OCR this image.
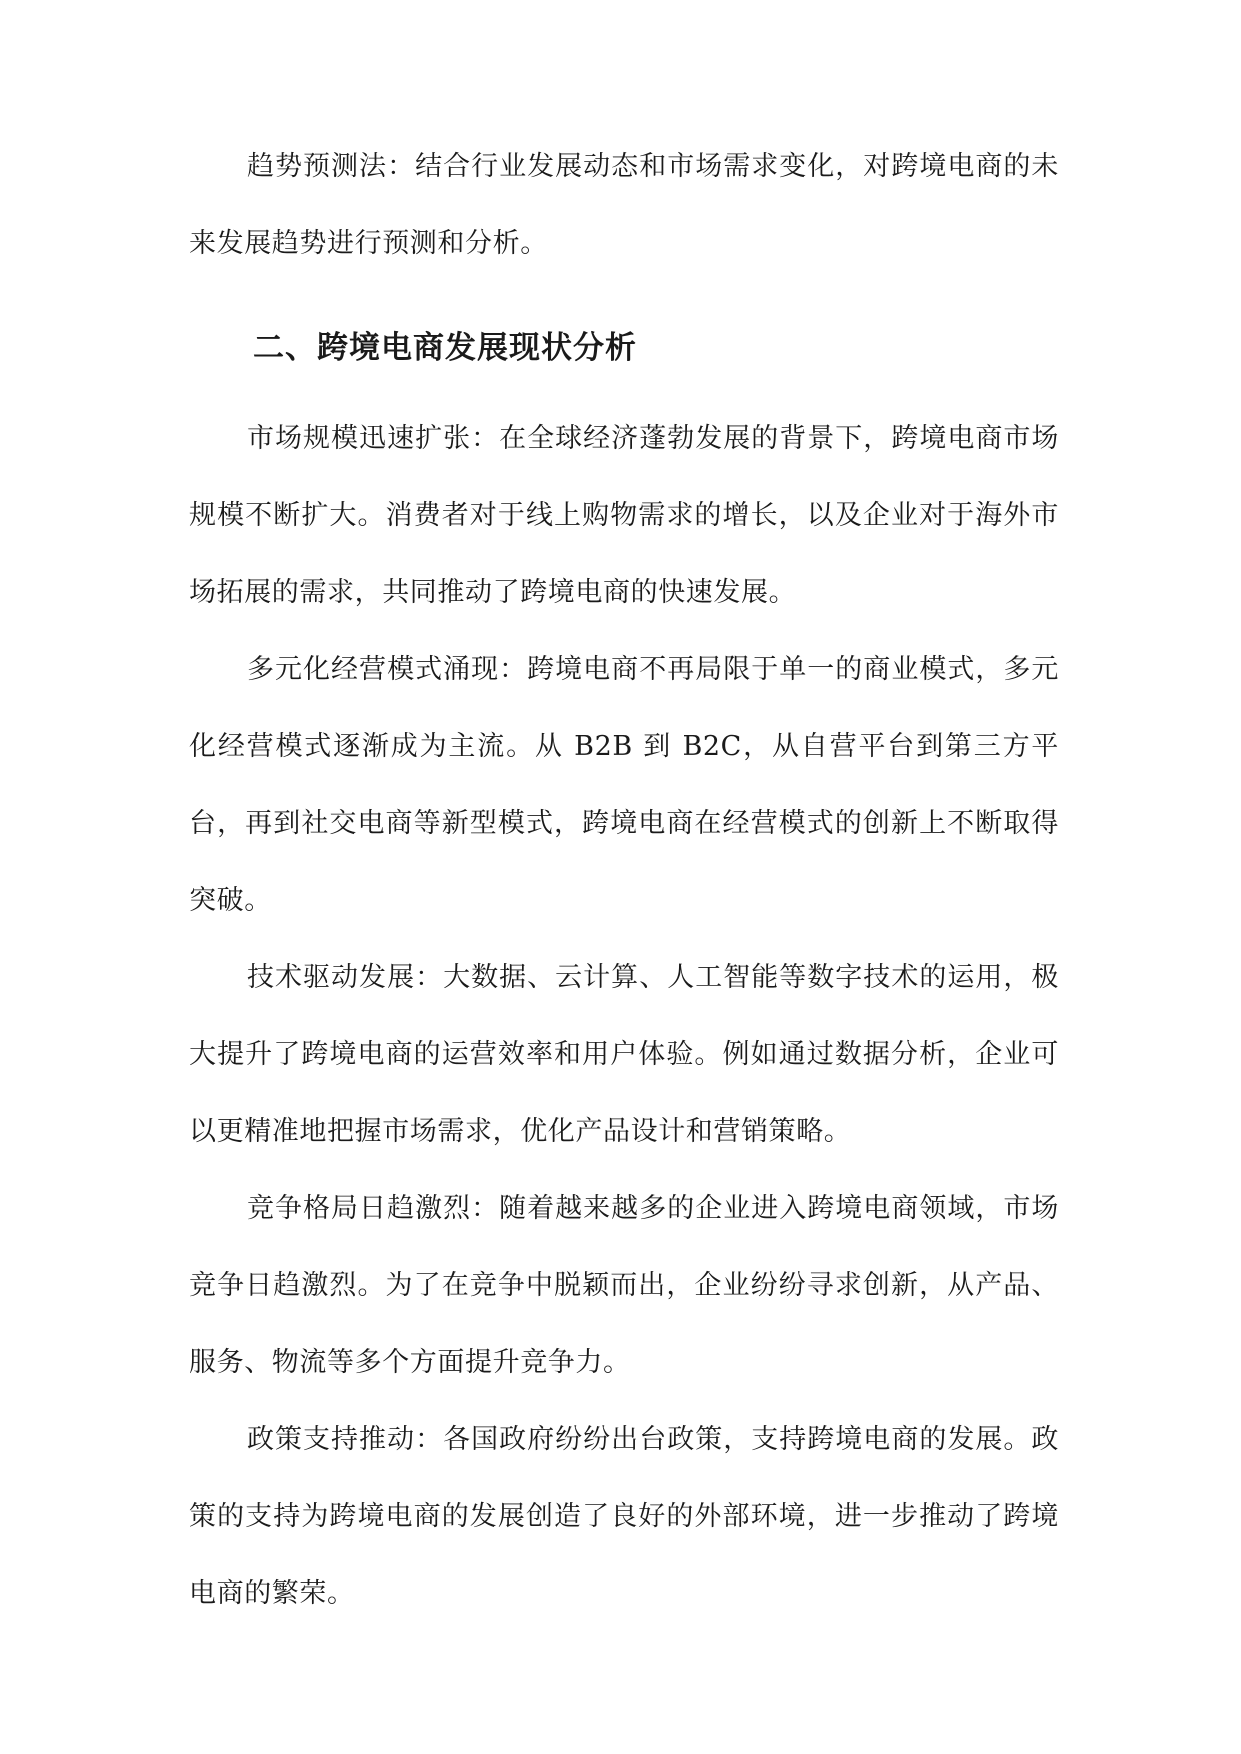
趋势预测法：结合行业发展动态和市场需求变化，对跨境电商的未来发展趋势进行预测和分析。

二、跨境电商发展现状分析

市场规模迅速扩张：在全球经济蓬勃发展的背景下，跨境电商市场规模不断扩大。消费者对于线上购物需求的增长，以及企业对于海外市场拓展的需求，共同推动了跨境电商的快速发展。

多元化经营模式涌现：跨境电商不再局限于单一的商业模式，多元化经营模式逐渐成为主流。从 B2B 到 B2C，从自营平台到第三方平台，再到社交电商等新型模式，跨境电商在经营模式的创新上不断取得突破。

技术驱动发展：大数据、云计算、人工智能等数字技术的运用，极大提升了跨境电商的运营效率和用户体验。例如通过数据分析，企业可以更精准地把握市场需求，优化产品设计和营销策略。

竞争格局日趋激烈：随着越来越多的企业进入跨境电商领域，市场竞争日趋激烈。为了在竞争中脱颖而出，企业纷纷寻求创新，从产品、服务、物流等多个方面提升竞争力。

政策支持推动：各国政府纷纷出台政策，支持跨境电商的发展。政策的支持为跨境电商的发展创造了良好的外部环境，进一步推动了跨境电商的繁荣。
